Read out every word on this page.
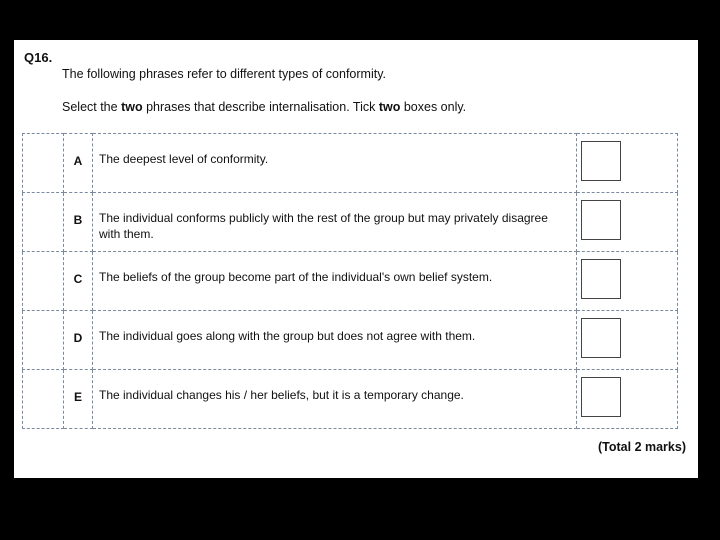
Q16.
The following phrases refer to different types of conformity.
Select the two phrases that describe internalisation. Tick two boxes only.
	A	The deepest level of conformity.	

	B	The individual conforms publicly with the rest of the group but may privately disagree with them.	

	C	The beliefs of the group become part of the individual's own belief system.	

	D	The individual goes along with the group but does not agree with them.	

	E	The individual changes his / her beliefs, but it is a temporary change.	
(Total 2 marks)
